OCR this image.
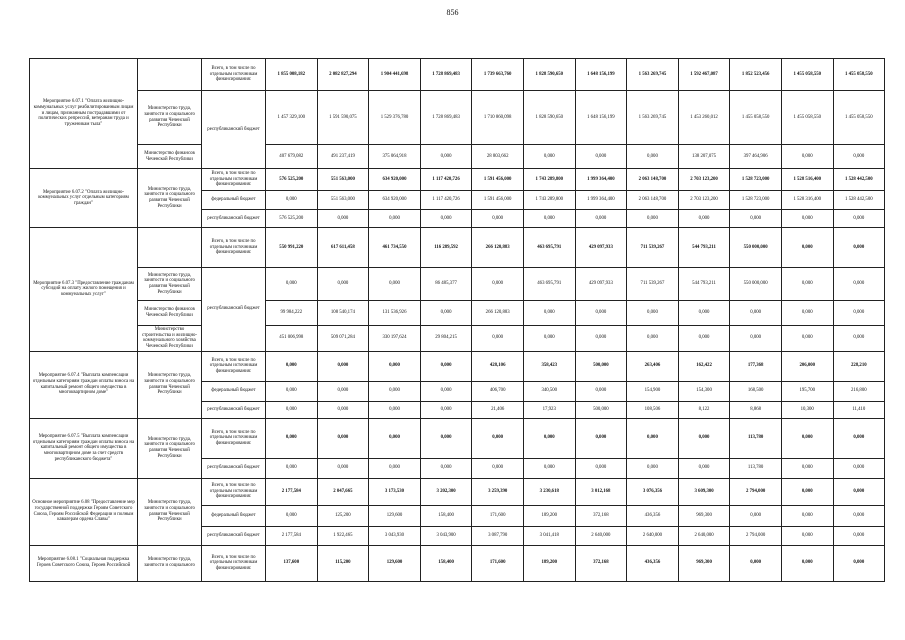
856
Мероприятие 6.07.1 "Оплата жилищно-коммунальных услуг реабилитированным лицам и лицам, признанным пострадавшими от политических репрессий, ветеранам труда и труженикам тыла"		Всего, в том числе по отдельным источникам финансирования:	1 855 008,182	2 082 827,294	1 904 441,698	1 728 869,483	1 739 663,760	1 828 590,650	1 648 156,199	1 563 269,745	1 592 467,087	1 852 523,456	1 455 058,550	1 455 058,550
	Министерство труда, занятости и социального развития Чеченской Республики	республиканский бюджет	1 457 329,100	1 591 590,075	1 529 376,780	1 728 869,483	1 710 860,098	1 828 590,650	1 648 156,199	1 563 269,745	1 453 260,012	1 455 058,550	1 455 058,550	1 455 058,550
	Министерство финансов Чеченской Республики		407 679,082	491 237,419	375 064,918	0,000	28 803,662	0,000	0,000	0,000	138 207,075	397 464,906	0,000	0,000
Мероприятие 6.07.2 "Оплата жилищно-коммунальных услуг отдельным категориям граждан"	Министерство труда, занятости и социального развития Чеченской Республики	Всего, в том числе по отдельным источникам финансирования:	576 525,200	551 563,000	634 920,000	1 117 420,726	1 591 456,000	1 743 289,800	1 999 364,400	2 063 148,700	2 703 123,200	1 528 723,000	1 528 516,400	1 528 442,500
		федеральный бюджет	0,000	551 563,000	634 920,000	1 117 420,726	1 591 456,000	1 743 289,800	1 999 364,400	2 063 148,700	2 703 123,200	1 528 723,000	1 528 316,400	1 528 442,500
		республиканский бюджет	576 525,200	0,000	0,000	0,000	0,000	0,000	0,000	0,000	0,000	0,000	0,000	0,000
Мероприятие 6.07.3 "Предоставление гражданам субсидий на оплату жилого помещения и коммунальных услуг"		Всего, в том числе по отдельным источникам финансирования:	550 991,220	617 611,458	461 734,550	116 289,592	266 120,883	463 695,791	429 097,933	711 539,267	544 793,211	550 000,000	0,000	0,000
	Министерство труда, занятости и социального развития Чеченской Республики	республиканский бюджет	0,000	0,000	0,000	86 485,377	0,000	463 695,791	429 097,933	711 539,267	544 793,211	550 000,000	0,000	0,000
	Министерство финансов Чеченской Республики		99 984,222	108 540,174	131 536,926	0,000	266 120,883	0,000	0,000	0,000	0,000	0,000	0,000	0,000
	Министерство строительства и жилищно-коммунального хозяйства Чеченской Республики		451 006,998	509 071,284	330 197,624	29 804,215	0,000	0,000	0,000	0,000	0,000	0,000	0,000	0,000
Мероприятие 6.07.4 "Выплата компенсации отдельным категориям граждан оплаты взноса на капитальный ремонт общего имущества в многоквартирном доме"	Министерство труда, занятости и социального развития Чеченской Республики	Всего, в том числе по отдельным источникам финансирования:	0,000	0,000	0,000	0,000	428,106	358,423	500,000	263,406	162,422	177,368	206,000	228,210
		федеральный бюджет	0,000	0,000	0,000	0,000	406,700	340,500	0,000	154,900	154,300	168,500	195,700	216,800
		республиканский бюджет	0,000	0,000	0,000	0,000	21,406	17,923	500,000	108,506	8,122	8,868	10,300	11,410
Мероприятие 6.07.5 "Выплата компенсации отдельным категориям граждан оплаты взноса на капитальный ремонт общего имущества в многоквартирном доме за счет средств республиканского бюджета"	Министерство труда, занятости и социального развития Чеченской Республики	Всего, в том числе по отдельным источникам финансирования:	0,000	0,000	0,000	0,000	0,000	0,000	0,000	0,000	0,000	113,780	0,000	0,000
		республиканский бюджет	0,000	0,000	0,000	0,000	0,000	0,000	0,000	0,000	0,000	113,780	0,000	0,000
Основное мероприятие 6.08 "Предоставление мер государственной поддержки Героям Советского Союза, Героям Российской Федерации и полным кавалерам ордена Славы"	Министерство труда, занятости и социального развития Чеченской Республики	Всего, в том числе по отдельным источникам финансирования:	2 177,584	2 047,665	3 173,530	3 202,300	3 259,390	3 230,618	3 012,168	3 076,356	3 609,300	2 794,000	0,000	0,000
		федеральный бюджет	0,000	125,200	129,600	158,400	171,600	189,200	372,168	436,356	969,300	0,000	0,000	0,000
		республиканский бюджет	2 177,584	1 922,465	3 043,930	3 043,900	3 087,790	3 041,418	2 640,000	2 640,000	2 640,000	2 794,000	0,000	0,000
Мероприятие 6.08.1 "Социальная поддержка Героев Советского Союза, Героев Российской	Министерство труда, занятости и социального	Всего, в том числе по отдельным источникам финансирования:	137,600	115,200	129,600	158,400	171,600	189,200	372,168	436,356	969,300	0,000	0,000	0,000
